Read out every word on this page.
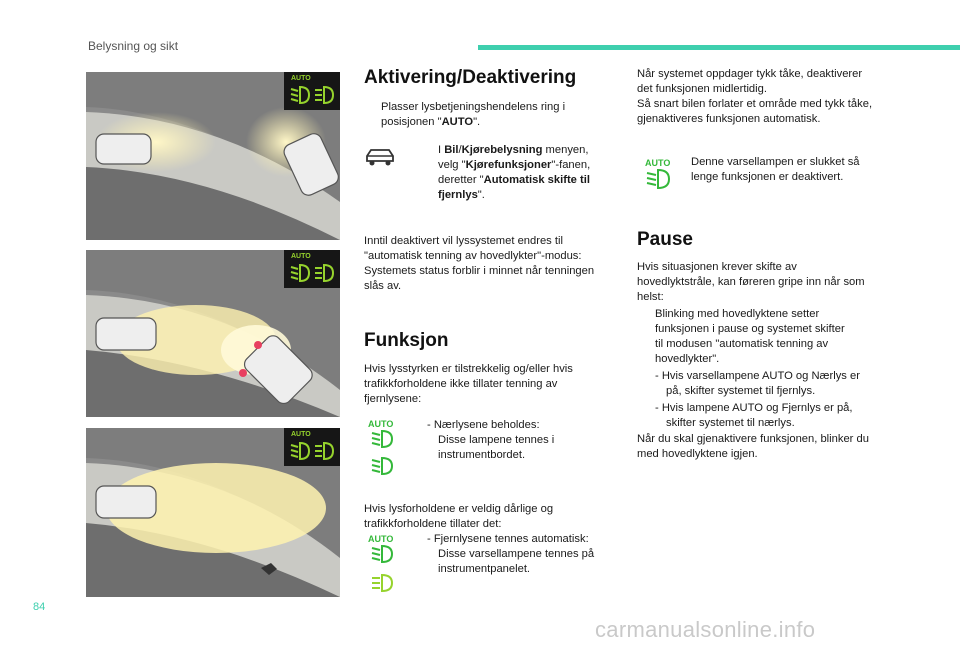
Belysning og sikt
AUTO
AUTO
AUTO
Aktivering/Deaktivering
Plasser lysbetjeningshendelens ring i
posisjonen "AUTO".
I Bil/Kjørebelysning menyen,
velg "Kjørefunksjoner"-fanen,
deretter "Automatisk skifte til
fjernlys".
Inntil deaktivert vil lyssystemet endres til
"automatisk tenning av hovedlykter"-modus:
Systemets status forblir i minnet når tenningen
slås av.
Funksjon
Hvis lysstyrken er tilstrekkelig og/eller hvis
trafikkforholdene ikke tillater tenning av
fjernlysene:
AUTO	- Nærlysene beholdes:
Disse lampene tennes i
instrumentbordet.
Hvis lysforholdene er veldig dårlige og
trafikkforholdene tillater det:
AUTO	- Fjernlysene tennes automatisk:
Disse varsellampene tennes på
instrumentpanelet.
Når systemet oppdager tykk tåke, deaktiverer
det funksjonen midlertidig.
Så snart bilen forlater et område med tykk tåke,
gjenaktiveres funksjonen automatisk.
AUTO Denne varsellampen er slukket så
lenge funksjonen er deaktivert.
Pause
Hvis situasjonen krever skifte av
hovedlyktstråle, kan føreren gripe inn når som
helst:
Blinking med hovedlyktene setter
funksjonen i pause og systemet skifter
til modusen "automatisk tenning av
hovedlykter".
- Hvis varsellampene AUTO og Nærlys er
på, skifter systemet til fjernlys.
- Hvis lampene AUTO og Fjernlys er på,
skifter systemet til nærlys.
Når du skal gjenaktivere funksjonen, blinker du
med hovedlyktene igjen.
84
carmanualsonline.info
